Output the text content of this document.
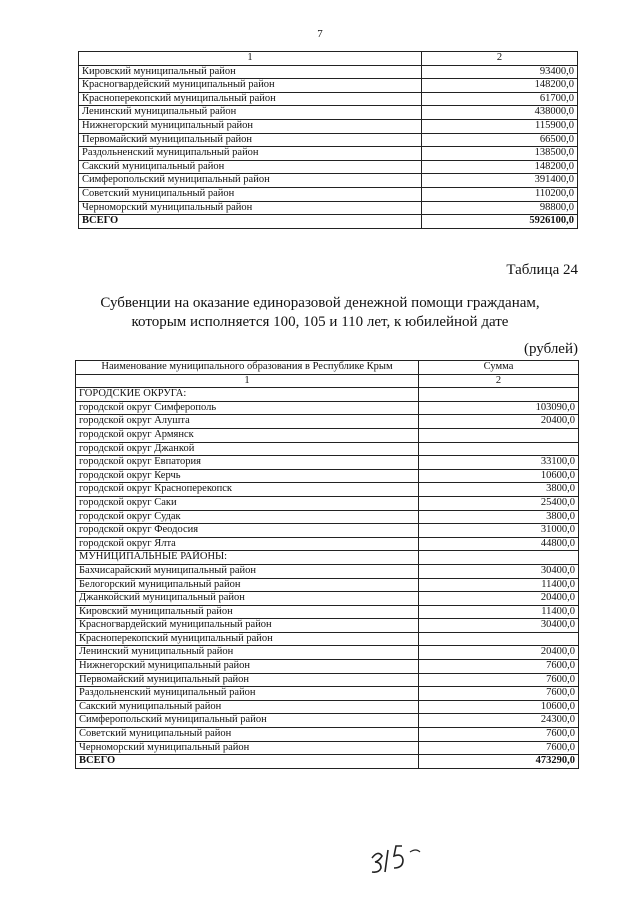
7
1	2
Кировский муниципальный район	93400,0
Красногвардейский муниципальный район	148200,0
Красноперекопский муниципальный район	61700,0
Ленинский муниципальный район	438000,0
Нижнегорский муниципальный район	115900,0
Первомайский муниципальный район	66500,0
Раздольненский муниципальный район	138500,0
Сакский муниципальный район	148200,0
Симферопольский муниципальный район	391400,0
Советский муниципальный район	110200,0
Черноморский муниципальный район	98800,0
ВСЕГО	5926100,0
Таблица 24
Субвенции на оказание единоразовой денежной помощи гражданам,
которым исполняется 100, 105 и 110 лет, к юбилейной дате
(рублей)
Наименование муниципального образования в Республике Крым	Сумма
1	2
ГОРОДСКИЕ ОКРУГА:	
городской округ Симферополь	103090,0
городской округ Алушта	20400,0
городской округ Армянск	
городской округ Джанкой	
городской округ Евпатория	33100,0
городской округ Керчь	10600,0
городской округ Красноперекопск	3800,0
городской округ Саки	25400,0
городской округ Судак	3800,0
городской округ Феодосия	31000,0
городской округ Ялта	44800,0
МУНИЦИПАЛЬНЫЕ РАЙОНЫ:	
Бахчисарайский муниципальный район	30400,0
Белогорский муниципальный район	11400,0
Джанкойский муниципальный район	20400,0
Кировский муниципальный район	11400,0
Красногвардейский муниципальный район	30400,0
Красноперекопский муниципальный район	
Ленинский муниципальный район	20400,0
Нижнегорский муниципальный район	7600,0
Первомайский муниципальный район	7600,0
Раздольненский муниципальный район	7600,0
Сакский муниципальный район	10600,0
Симферопольский муниципальный район	24300,0
Советский муниципальный район	7600,0
Черноморский муниципальный район	7600,0
ВСЕГО	473290,0
